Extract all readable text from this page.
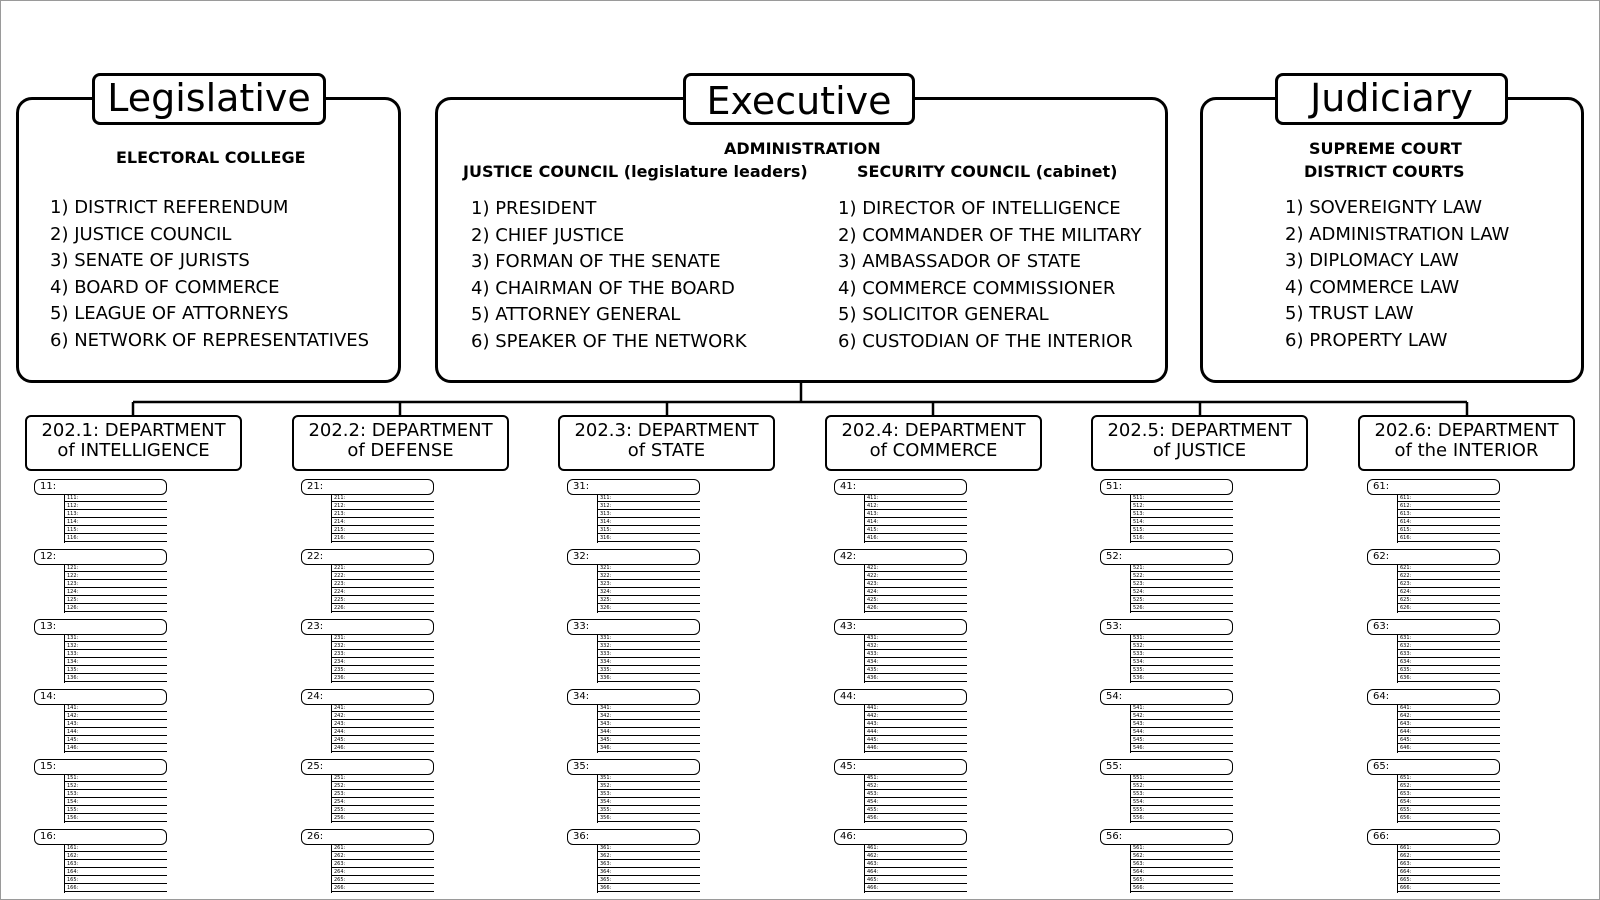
Legislative
ELECTORAL COLLEGE
1) DISTRICT REFERENDUM
2) JUSTICE COUNCIL
3) SENATE OF JURISTS
4) BOARD OF COMMERCE
5) LEAGUE OF ATTORNEYS
6) NETWORK OF REPRESENTATIVES
Executive
ADMINISTRATION
JUSTICE COUNCIL (legislature leaders)	SECURITY COUNCIL (cabinet)
1) PRESIDENT
2) CHIEF JUSTICE
3) FORMAN OF THE SENATE
4) CHAIRMAN OF THE BOARD
5) ATTORNEY GENERAL
6) SPEAKER OF THE NETWORK
1) DIRECTOR OF INTELLIGENCE
2) COMMANDER OF THE MILITARY
3) AMBASSADOR OF STATE
4) COMMERCE COMMISSIONER
5) SOLICITOR GENERAL
6) CUSTODIAN OF THE INTERIOR
Judiciary
SUPREME COURT
DISTRICT COURTS
1) SOVEREIGNTY LAW
2) ADMINISTRATION LAW
3) DIPLOMACY LAW
4) COMMERCE LAW
5) TRUST LAW
6) PROPERTY LAW
202.1: DEPARTMENT
of INTELLIGENCE
11:
111:
112:
113:
114:
115:
116:
12:
121:
122:
123:
124:
125:
126:
13:
131:
132:
133:
134:
135:
136:
14:
141:
142:
143:
144:
145:
146:
15:
151:
152:
153:
154:
155:
156:
16:
161:
162:
163:
164:
165:
166:
202.2: DEPARTMENT
of DEFENSE
21:
211:
212:
213:
214:
215:
216:
22:
221:
222:
223:
224:
225:
226:
23:
231:
232:
233:
234:
235:
236:
24:
241:
242:
243:
244:
245:
246:
25:
251:
252:
253:
254:
255:
256:
26:
261:
262:
263:
264:
265:
266:
202.3: DEPARTMENT
of STATE
31:
311:
312:
313:
314:
315:
316:
32:
321:
322:
323:
324:
325:
326:
33:
331:
332:
333:
334:
335:
336:
34:
341:
342:
343:
344:
345:
346:
35:
351:
352:
353:
354:
355:
356:
36:
361:
362:
363:
364:
365:
366:
202.4: DEPARTMENT
of COMMERCE
41:
411:
412:
413:
414:
415:
416:
42:
421:
422:
423:
424:
425:
426:
43:
431:
432:
433:
434:
435:
436:
44:
441:
442:
443:
444:
445:
446:
45:
451:
452:
453:
454:
455:
456:
46:
461:
462:
463:
464:
465:
466:
202.5: DEPARTMENT
of JUSTICE
51:
511:
512:
513:
514:
515:
516:
52:
521:
522:
523:
524:
525:
526:
53:
531:
532:
533:
534:
535:
536:
54:
541:
542:
543:
544:
545:
546:
55:
551:
552:
553:
554:
555:
556:
56:
561:
562:
563:
564:
565:
566:
202.6: DEPARTMENT
of the INTERIOR
61:
611:
612:
613:
614:
615:
616:
62:
621:
622:
623:
624:
625:
626:
63:
631:
632:
633:
634:
635:
636:
64:
641:
642:
643:
644:
645:
646:
65:
651:
652:
653:
654:
655:
656:
66:
661:
662:
663:
664:
665:
666:
